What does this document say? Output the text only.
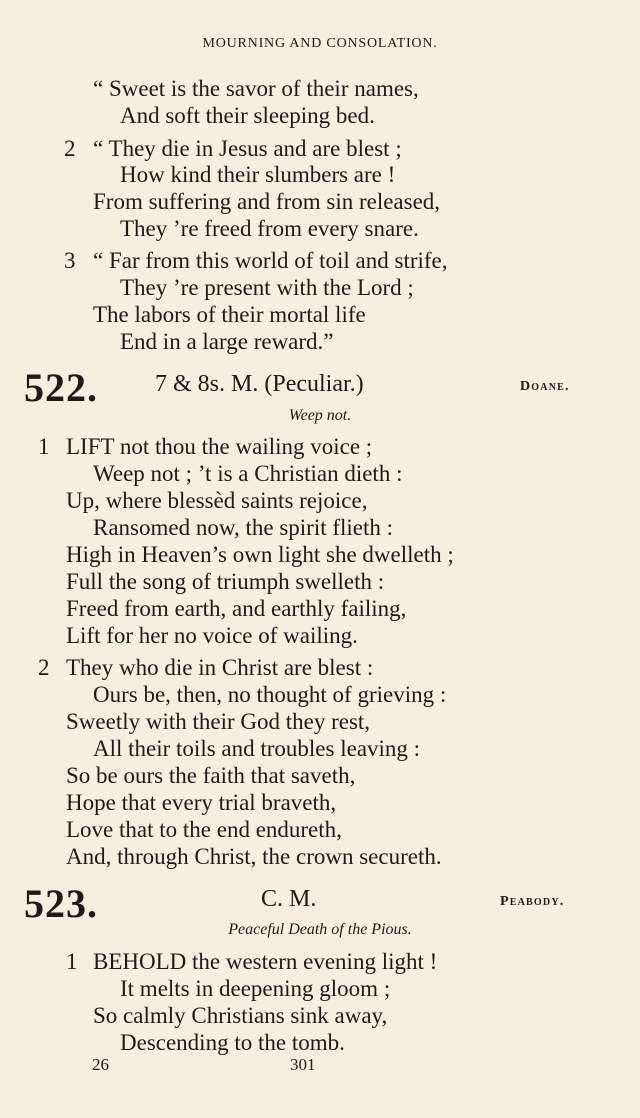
MOURNING AND CONSOLATION.
“ Sweet is the savor of their names,
And soft their sleeping bed.
2 “ They die in Jesus and are blest ;
How kind their slumbers are !
From suffering and from sin released,
They ’re freed from every snare.
3 “ Far from this world of toil and strife,
They ’re present with the Lord ;
The labors of their mortal life
End in a large reward.”
522. 7 & 8s. M. (Peculiar.)	Doane.
Weep not.
1 LIFT not thou the wailing voice ;
Weep not ; ’t is a Christian dieth :
Up, where blessèd saints rejoice,
Ransomed now, the spirit flieth :
High in Heaven’s own light she dwelleth ;
Full the song of triumph swelleth :
Freed from earth, and earthly failing,
Lift for her no voice of wailing.
2 They who die in Christ are blest :
Ours be, then, no thought of grieving :
Sweetly with their God they rest,
All their toils and troubles leaving :
So be ours the faith that saveth,
Hope that every trial braveth,
Love that to the end endureth,
And, through Christ, the crown secureth.
523.	C. M.	Peabody.
Peaceful Death of the Pious.
1 BEHOLD the western evening light !
It melts in deepening gloom ;
So calmly Christians sink away,
Descending to the tomb.
26	301
